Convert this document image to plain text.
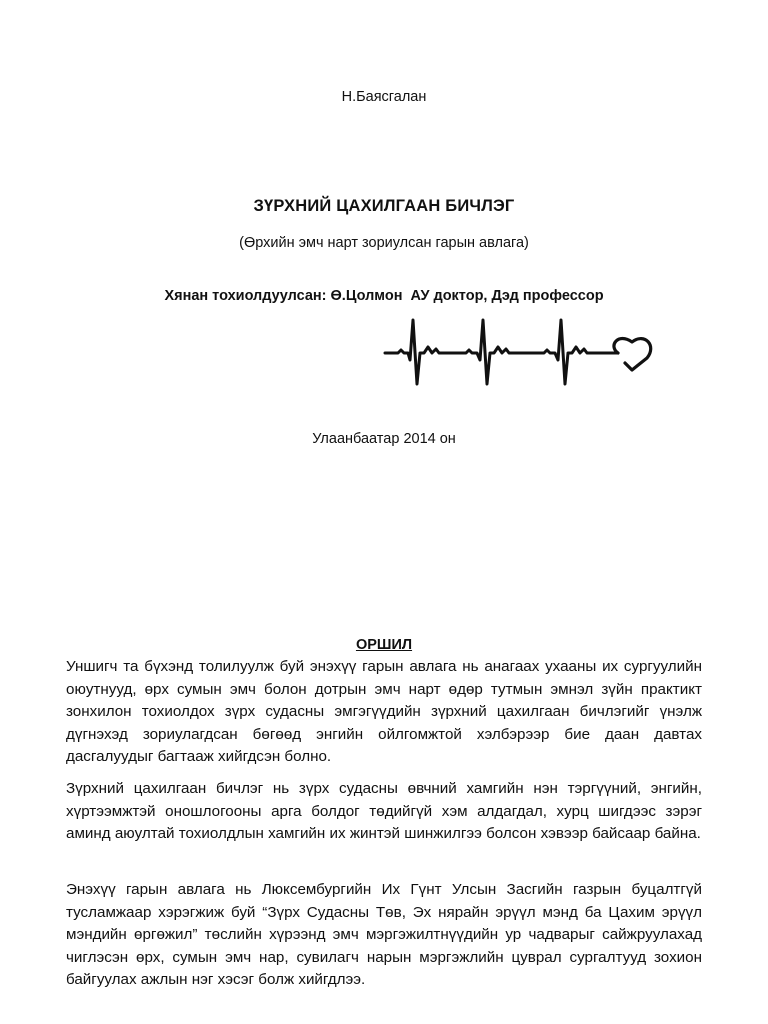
Н.Баясгалан
ЗҮРХНИЙ ЦАХИЛГААН БИЧЛЭГ
(Өрхийн эмч нарт зориулсан гарын авлага)
Хянан тохиолдуулсан: Ө.Цолмон  АУ доктор, Дэд профессор
Улаанбаатар 2014 он
ОРШИЛ

Уншигч та бүхэнд толилуулж буй энэхүү гарын авлага нь анагаах ухааны их сургуулийн оюутнууд, өрх сумын эмч болон дотрын эмч нарт өдөр тутмын эмнэл зүйн практикт зонхилон тохиолдох зүрх судасны эмгэгүүдийн зүрхний цахилгаан бичлэгийг үнэлж дүгнэхэд зориулагдсан бөгөөд энгийн ойлгомжтой хэлбэрээр бие даан давтах дасгалуудыг багтааж хийгдсэн болно.

Зүрхний цахилгаан бичлэг нь зүрх судасны өвчний хамгийн нэн тэргүүний, энгийн, хүртээмжтэй оношлогооны арга болдог төдийгүй хэм алдагдал, хурц шигдээс зэрэг аминд аюултай тохиолдлын хамгийн их жинтэй шинжилгээ болсон хэвээр байсаар байна.

Энэхүү гарын авлага нь Люксембургийн Их Гүнт Улсын Засгийн газрын буцалтгүй тусламжаар хэрэгжиж буй “Зүрх Судасны Төв, Эх нярайн эрүүл мэнд ба Цахим эрүүл мэндийн өргөжил” төслийн хүрээнд эмч мэргэжилтнүүдийн ур чадварыг сайжруулахад чиглэсэн өрх, сумын эмч нар, сувилагч нарын мэргэжлийн цуврал сургалтууд зохион байгуулах ажлын нэг хэсэг болж хийгдлээ.
